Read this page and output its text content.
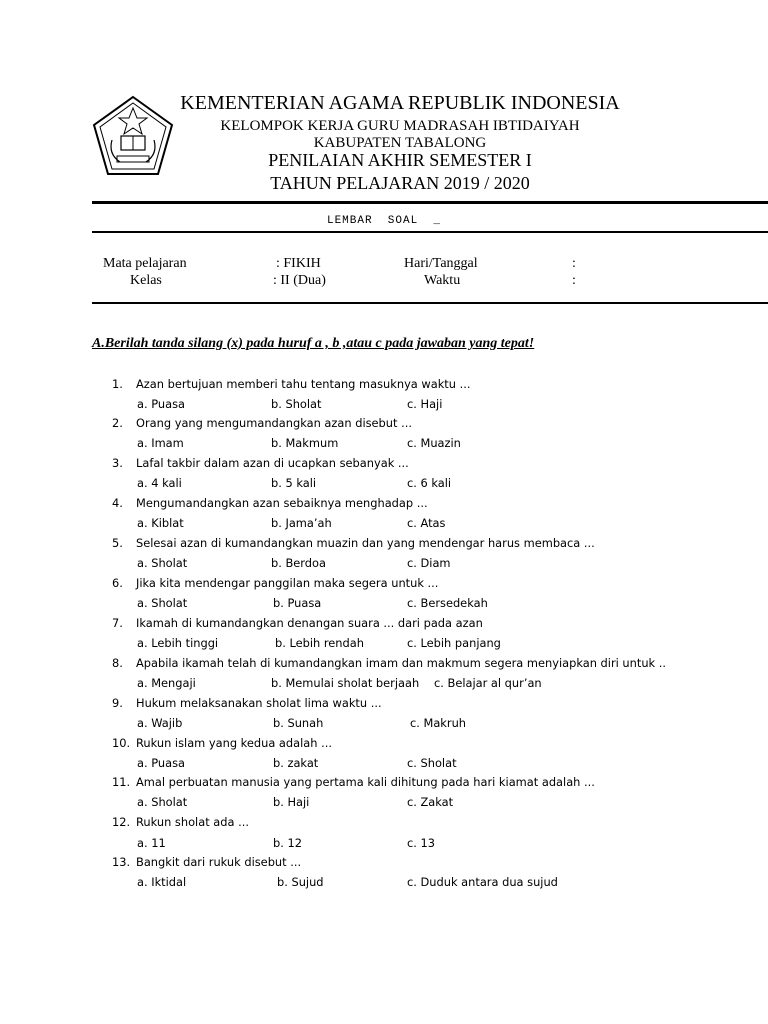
KEMENTERIAN AGAMA REPUBLIK INDONESIA
KELOMPOK KERJA GURU MADRASAH IBTIDAIYAH
KABUPATEN TABALONG
PENILAIAN AKHIR SEMESTER I
TAHUN PELAJARAN 2019 / 2020
LEMBAR  SOAL  _
Mata pelajaran	: FIKIH	Hari/Tanggal	:
Kelas	: II (Dua)	Waktu	:
A.Berilah tanda silang (x) pada huruf a , b ,atau c pada jawaban yang tepat!
1. Azan bertujuan memberi tahu tentang masuknya waktu ...
a. Puasa	b. Sholat	c. Haji
2. Orang yang mengumandangkan azan disebut ...
a. Imam	b. Makmum	c. Muazin
3. Lafal takbir dalam azan di ucapkan sebanyak ...
a. 4 kali	b. 5 kali	c. 6 kali
4. Mengumandangkan azan sebaiknya menghadap ...
a. Kiblat	b. Jama’ah	c. Atas
5. Selesai azan di kumandangkan muazin dan yang mendengar harus membaca ...
a. Sholat	b. Berdoa	c. Diam
6. Jika kita mendengar panggilan maka segera untuk ...
a. Sholat	b. Puasa	c. Bersedekah
7. Ikamah di kumandangkan denangan suara ... dari pada azan
a. Lebih tinggi	b. Lebih rendah	c. Lebih panjang
8. Apabila ikamah telah di kumandangkan imam dan makmum segera menyiapkan diri untuk ..
a. Mengaji	b. Memulai sholat berjaah c. Belajar al qur’an
9. Hukum melaksanakan sholat lima waktu ...
a. Wajib	b. Sunah	c. Makruh
10. Rukun islam yang kedua adalah ...
a. Puasa	b. zakat	c. Sholat
11. Amal perbuatan manusia yang pertama kali dihitung pada hari kiamat adalah ...
a. Sholat	b. Haji	c. Zakat
12. Rukun sholat ada ...
a. 11	b. 12	c. 13
13. Bangkit dari rukuk disebut ...
a. Iktidal	b. Sujud	c. Duduk antara dua sujud
